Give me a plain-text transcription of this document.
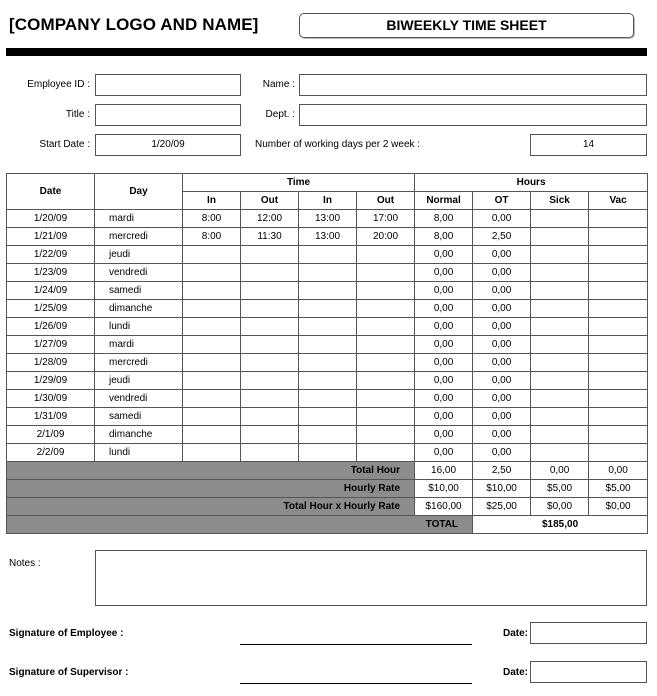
[COMPANY LOGO AND NAME]	BIWEEKLY TIME SHEET
Employee ID :	Name :
Title :	Dept. :
Start Date :	1/20/09	Number of working days per 2 week :	14
Date	Day	Time				Hours			
		In	Out	In	Out	Normal	OT	Sick	Vac
1/20/09	mardi	8:00	12:00	13:00	17:00	8,00	0,00		
1/21/09	mercredi	8:00	11:30	13:00	20:00	8,00	2,50		
1/22/09	jeudi					0,00	0,00		
1/23/09	vendredi					0,00	0,00		
1/24/09	samedi					0,00	0,00		
1/25/09	dimanche					0,00	0,00		
1/26/09	lundi					0,00	0,00		
1/27/09	mardi					0,00	0,00		
1/28/09	mercredi					0,00	0,00		
1/29/09	jeudi					0,00	0,00		
1/30/09	vendredi					0,00	0,00		
1/31/09	samedi					0,00	0,00		
2/1/09	dimanche					0,00	0,00		
2/2/09	lundi					0,00	0,00		
Total Hour						16,00	2,50	0,00	0,00
Hourly Rate						$10,00	$10,00	$5,00	$5,00
Total Hour x Hourly Rate						$160,00	$25,00	$0,00	$0,00
TOTAL							$185,00		
Notes :
Signature of Employee :	Date:
Signature of Supervisor :	Date:
